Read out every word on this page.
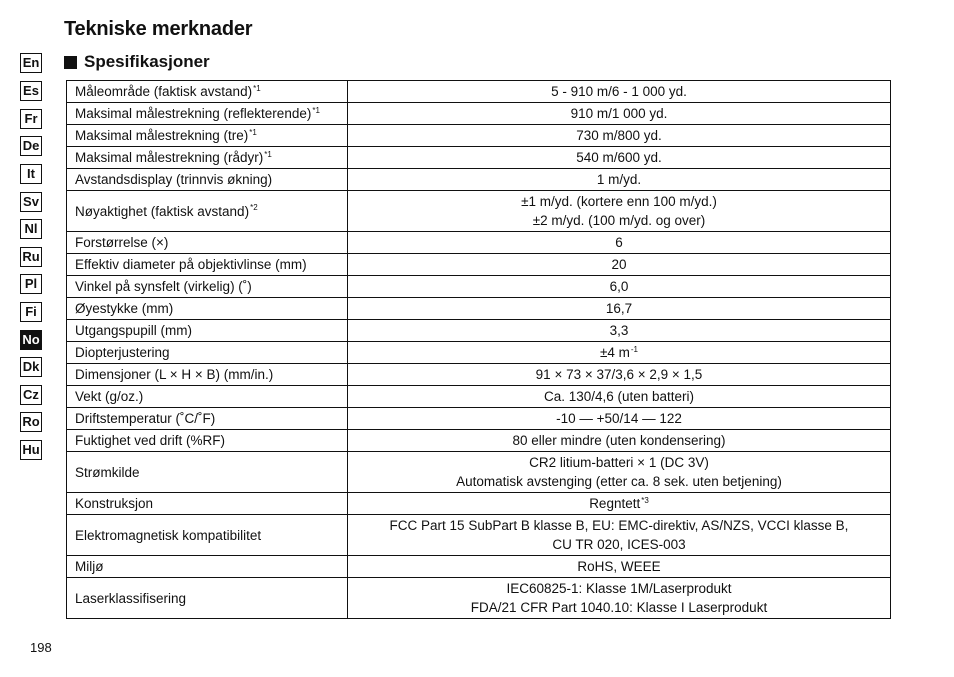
Tekniske merknader
Spesifikasjoner
En
Es
Fr
De
It
Sv
Nl
Ru
Pl
Fi
No
Dk
Cz
Ro
Hu
Måleområde (faktisk avstand)$^{*1}$	5 - 910 m/6 - 1 000 yd.

Maksimal målestrekning (reflekterende)$^{*1}$	910 m/1 000 yd.

Maksimal målestrekning (tre)$^{*1}$	730 m/800 yd.

Maksimal målestrekning (rådyr)$^{*1}$	540 m/600 yd.

Avstandsdisplay (trinnvis økning)	1 m/yd.

Nøyaktighet (faktisk avstand)$^{*2}$	±1 m/yd. (kortere enn 100 m/yd.)
±2 m/yd. (100 m/yd. og over)

Forstørrelse (×)	6

Effektiv diameter på objektivlinse (mm)	20

Vinkel på synsfelt (virkelig) (˚)	6,0

Øyestykke (mm)	16,7

Utgangspupill (mm)	3,3

Diopterjustering	±4 $m^{-1}$

Dimensjoner (L × H × B) (mm/in.)	91 × 73 × 37/3,6 × 2,9 × 1,5

Vekt (g/oz.)	Ca. 130/4,6 (uten batteri)

Driftstemperatur (˚C/˚F)	-10 — +50/14 — 122

Fuktighet ved drift (%RF)	80 eller mindre (uten kondensering)

Strømkilde	CR2 litium-batteri × 1 (DC 3V)
Automatisk avstenging (etter ca. 8 sek. uten betjening)

Konstruksjon	Regntett$^{*3}$

Elektromagnetisk kompatibilitet	FCC Part 15 SubPart B klasse B, EU: EMC-direktiv, AS/NZS, VCCI klasse B,
CU TR 020, ICES-003

Miljø	RoHS, WEEE

Laserklassifisering	IEC60825-1: Klasse 1M/Laserprodukt
FDA/21 CFR Part 1040.10: Klasse I Laserprodukt
198
